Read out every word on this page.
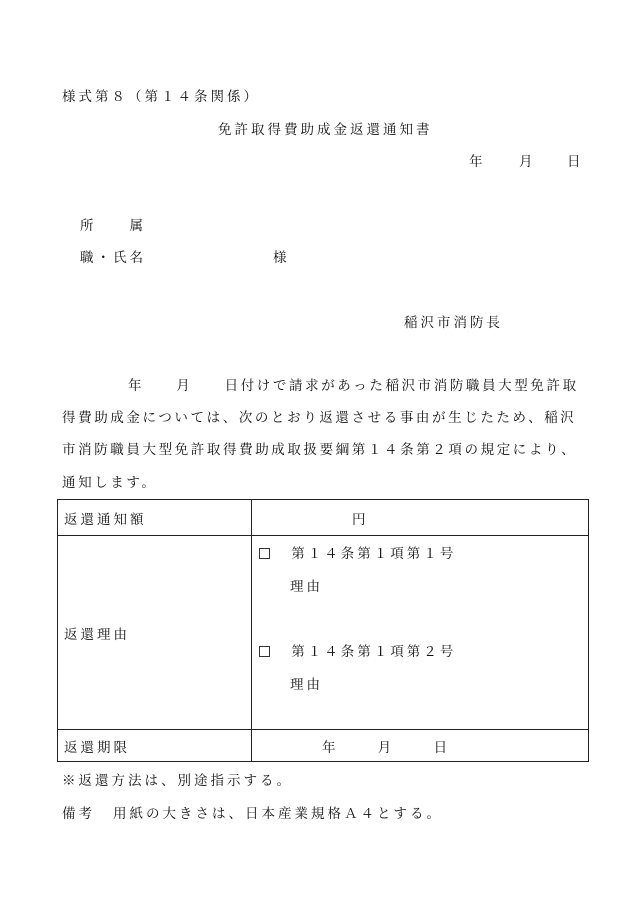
様式第８（第１４条関係）
免許取得費助成金返還通知書
年 月 日
所　　属
職・氏名	様
稲沢市消防長
年　　月　　日付けで請求があった稲沢市消防職員大型免許取
得費助成金については、次のとおり返還させる事由が生じたため、稲沢
市消防職員大型免許取得費助成取扱要綱第１４条第２項の規定により、
通知します。
返還通知額	円
返還理由	第１４条第１項第１号
理由
第１４条第１項第２号
理由

返還期限	年 月 日
※返還方法は、別途指示する。
備考 用紙の大きさは、日本産業規格Ａ４とする。
